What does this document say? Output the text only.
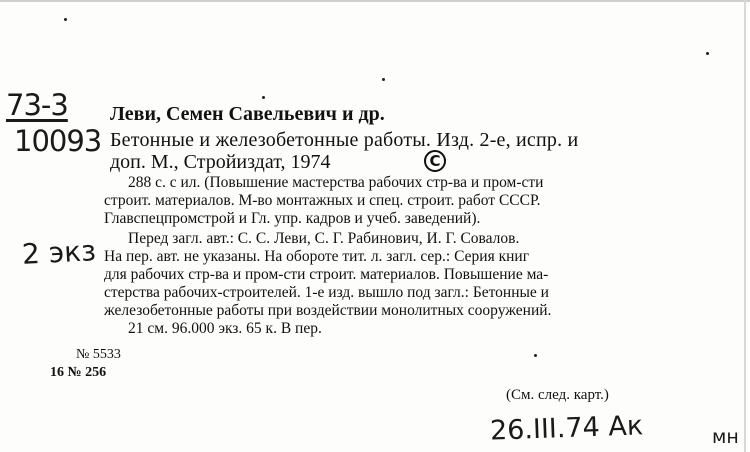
73-3
10093
2 экз
Леви, Семен Савельевич и др.
Бетонные и железобетонные работы. Изд. 2-е, испр. и
доп. М., Стройиздат, 1974	C
288 с. с ил. (Повышение мастерства рабочих стр-ва и пром-сти
строит. материалов. М-во монтажных и спец. строит. работ СССР.
Главспецпромстрой и Гл. упр. кадров и учеб. заведений).
Перед загл. авт.: С. С. Леви, С. Г. Рабинович, И. Г. Совалов.
На пер. авт. не указаны. На обороте тит. л. загл. сер.: Серия книг
для рабочих стр-ва и пром-сти строит. материалов. Повышение ма-
стерства рабочих-строителей. 1-е изд. вышло под загл.: Бетонные и
железобетонные работы при воздействии монолитных сооружений.
21 см. 96.000 экз. 65 к. В пер.
№ 5533
16 № 256
(См. след. карт.)
26.III.74 Ак	мн
